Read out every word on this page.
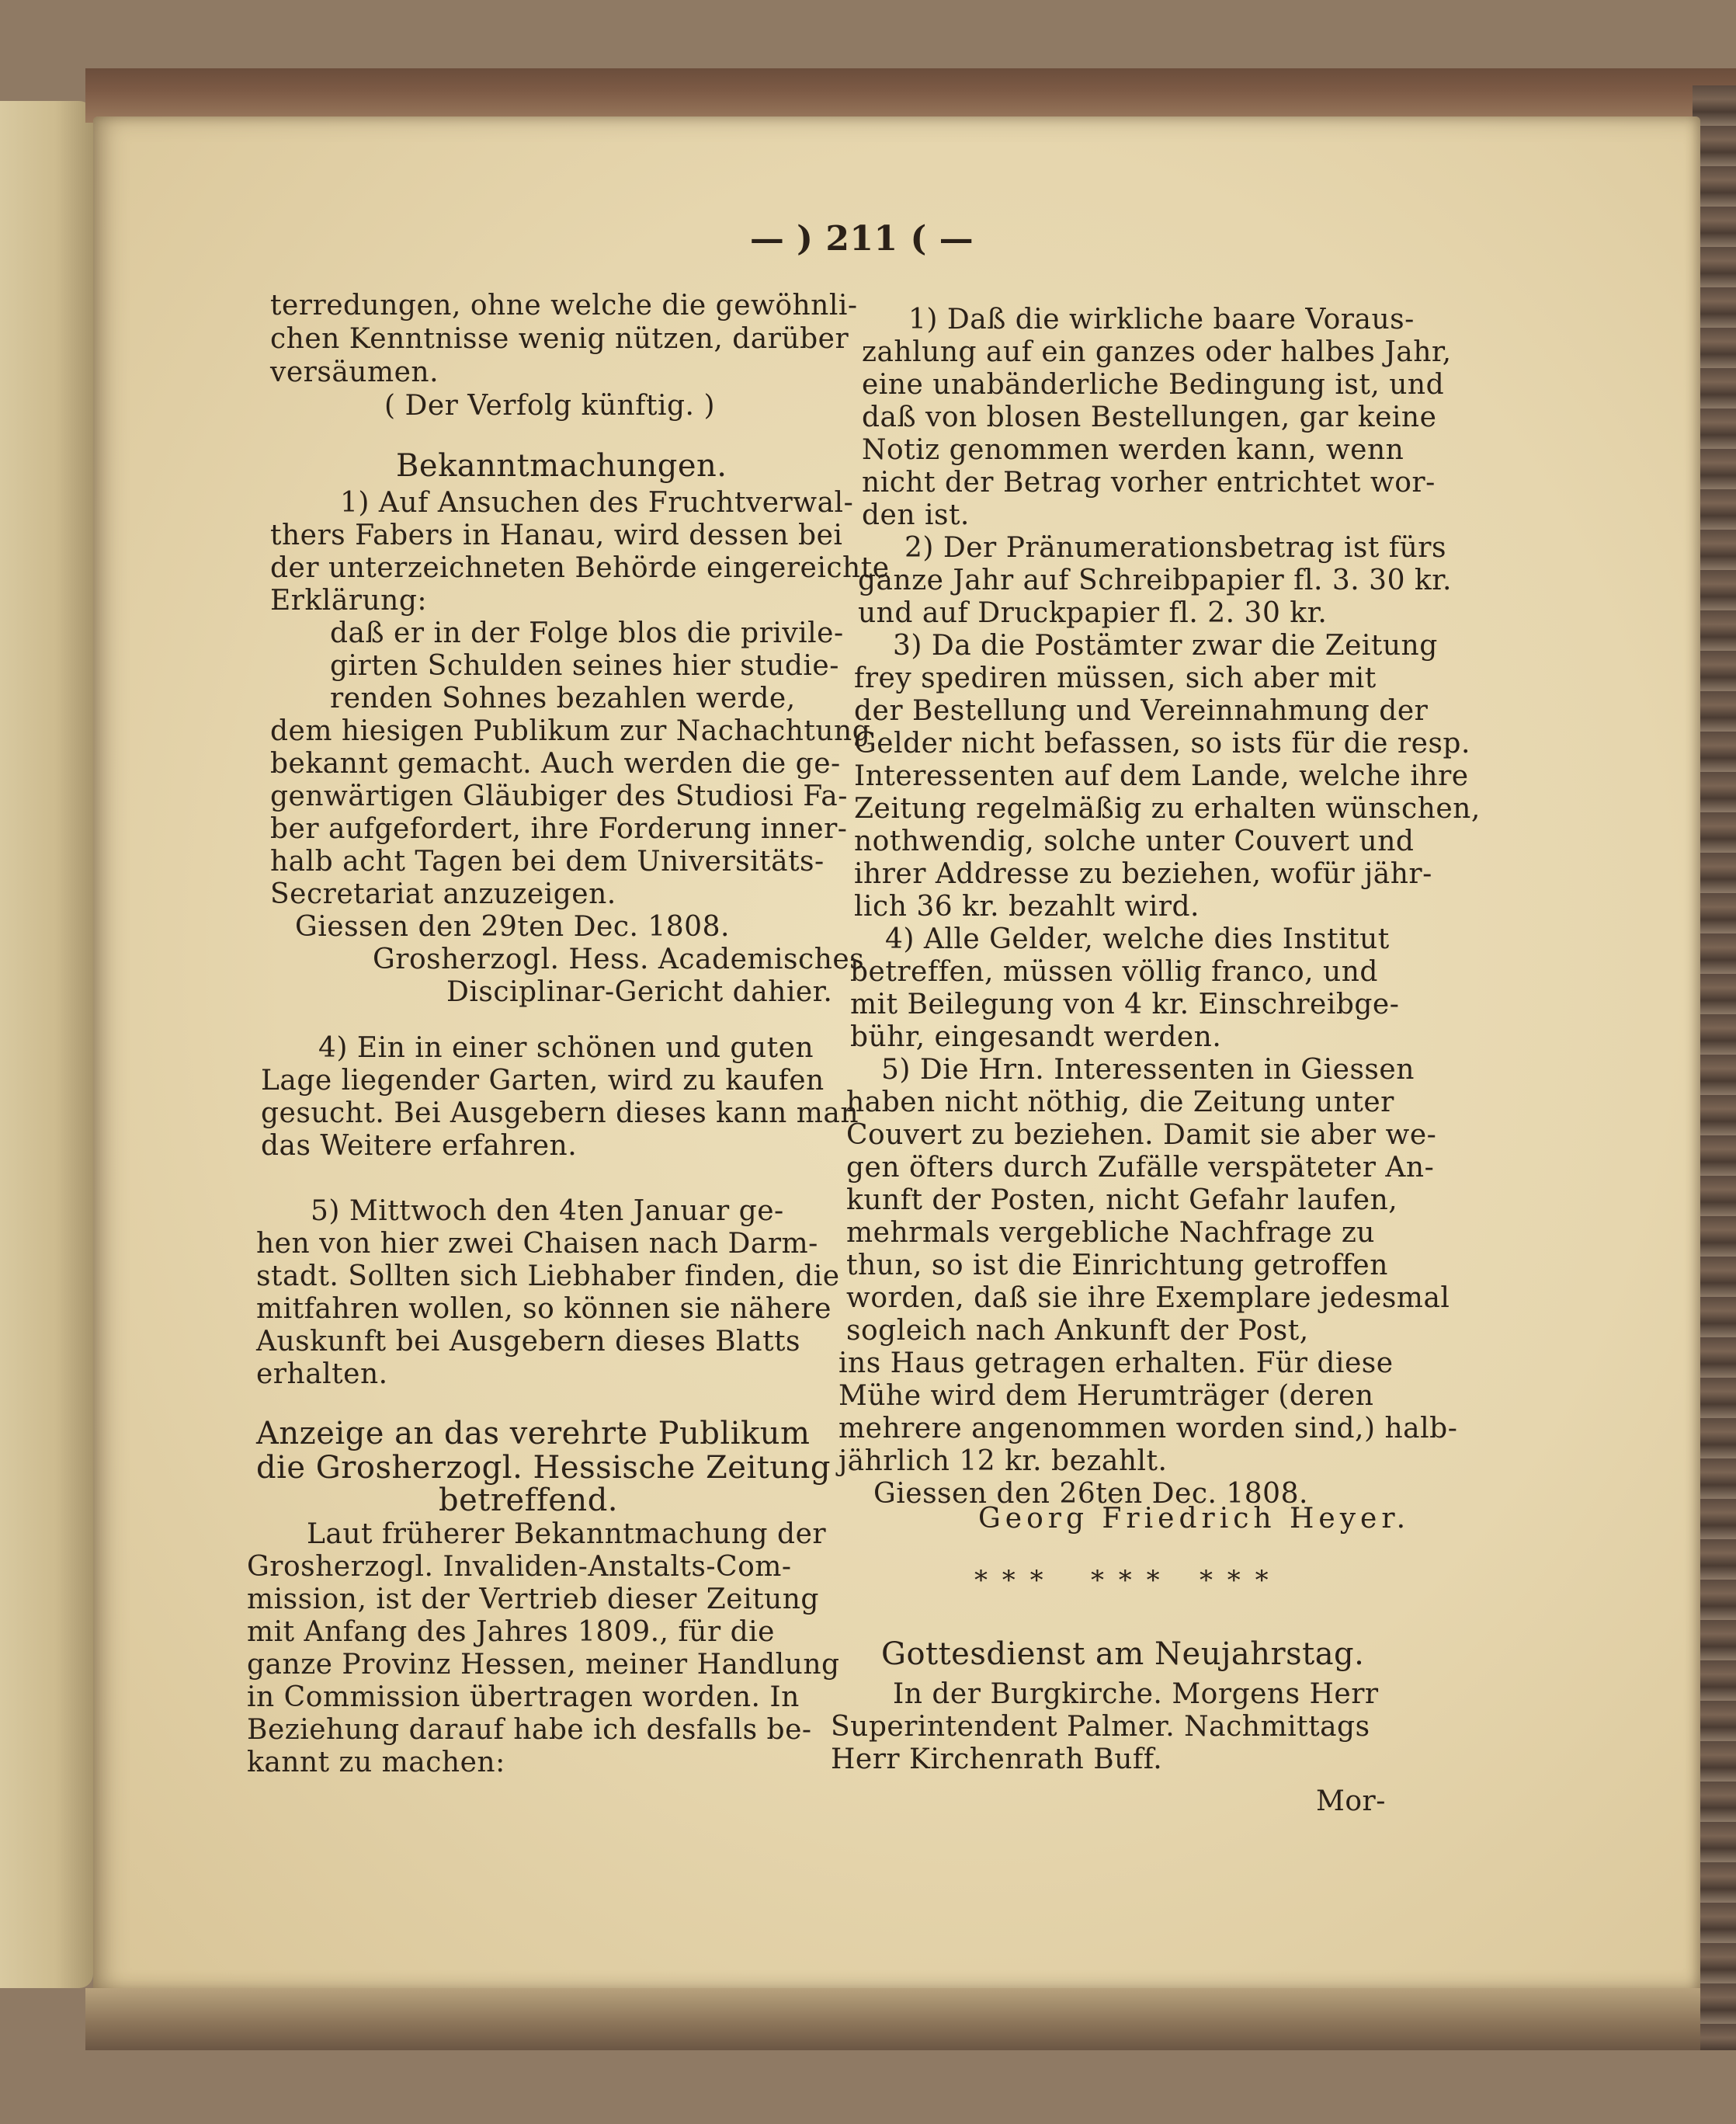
— ) 211 ( —
terredungen, ohne welche die gewöhnli-
chen Kenntnisse wenig nützen, darüber
versäumen.
( Der Verfolg künftig. )
Bekanntmachungen.
1) Auf Ansuchen des Fruchtverwal-
thers Fabers in Hanau, wird dessen bei
der unterzeichneten Behörde eingereichte
Erklärung:
daß er in der Folge blos die privile-
girten Schulden seines hier studie-
renden Sohnes bezahlen werde,
dem hiesigen Publikum zur Nachachtung
bekannt gemacht. Auch werden die ge-
genwärtigen Gläubiger des Studiosi Fa-
ber aufgefordert, ihre Forderung inner-
halb acht Tagen bei dem Universitäts-
Secretariat anzuzeigen.
Giessen den 29ten Dec. 1808.
Grosherzogl. Hess. Academisches
Disciplinar-Gericht dahier.
4) Ein in einer schönen und guten
Lage liegender Garten, wird zu kaufen
gesucht. Bei Ausgebern dieses kann man
das Weitere erfahren.
5) Mittwoch den 4ten Januar ge-
hen von hier zwei Chaisen nach Darm-
stadt. Sollten sich Liebhaber finden, die
mitfahren wollen, so können sie nähere
Auskunft bei Ausgebern dieses Blatts
erhalten.
Anzeige an das verehrte Publikum
die Grosherzogl. Hessische Zeitung
betreffend.
Laut früherer Bekanntmachung der
Grosherzogl. Invaliden-Anstalts-Com-
mission, ist der Vertrieb dieser Zeitung
mit Anfang des Jahres 1809., für die
ganze Provinz Hessen, meiner Handlung
in Commission übertragen worden. In
Beziehung darauf habe ich desfalls be-
kannt zu machen:
1) Daß die wirkliche baare Voraus-
zahlung auf ein ganzes oder halbes Jahr,
eine unabänderliche Bedingung ist, und
daß von blosen Bestellungen, gar keine
Notiz genommen werden kann, wenn
nicht der Betrag vorher entrichtet wor-
den ist.
2) Der Pränumerationsbetrag ist fürs
ganze Jahr auf Schreibpapier fl. 3. 30 kr.
und auf Druckpapier fl. 2. 30 kr.
3) Da die Postämter zwar die Zeitung
frey spediren müssen, sich aber mit
der Bestellung und Vereinnahmung der
Gelder nicht befassen, so ists für die resp.
Interessenten auf dem Lande, welche ihre
Zeitung regelmäßig zu erhalten wünschen,
nothwendig, solche unter Couvert und
ihrer Addresse zu beziehen, wofür jähr-
lich 36 kr. bezahlt wird.
4) Alle Gelder, welche dies Institut
betreffen, müssen völlig franco, und
mit Beilegung von 4 kr. Einschreibge-
bühr, eingesandt werden.
5) Die Hrn. Interessenten in Giessen
haben nicht nöthig, die Zeitung unter
Couvert zu beziehen. Damit sie aber we-
gen öfters durch Zufälle verspäteter An-
kunft der Posten, nicht Gefahr laufen,
mehrmals vergebliche Nachfrage zu
thun, so ist die Einrichtung getroffen
worden, daß sie ihre Exemplare jedesmal
sogleich nach Ankunft der Post,
ins Haus getragen erhalten. Für diese
Mühe wird dem Herumträger (deren
mehrere angenommen worden sind,) halb-
jährlich 12 kr. bezahlt.
Giessen den 26ten Dec. 1808.
Georg Friedrich Heyer.
* * * * * * * * *
Gottesdienst am Neujahrstag.
In der Burgkirche. Morgens Herr
Superintendent Palmer. Nachmittags
Herr Kirchenrath Buff.
Mor-
